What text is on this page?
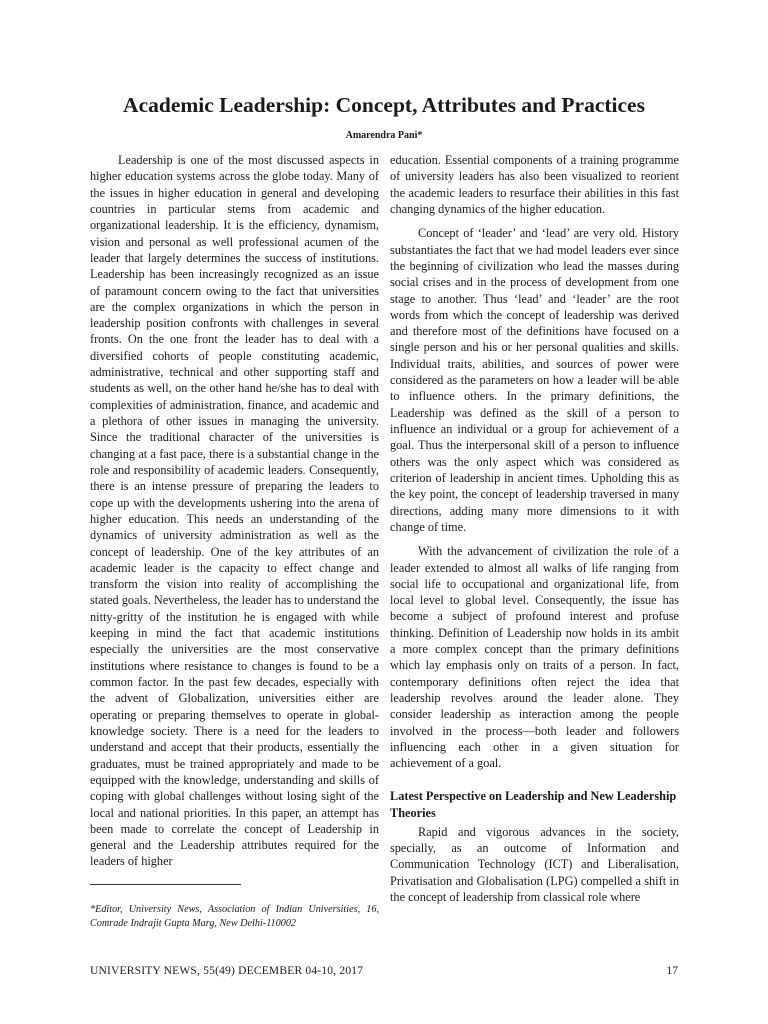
Academic Leadership: Concept, Attributes and Practices
Amarendra Pani*

Leadership is one of the most discussed aspects in higher education systems across the globe today. Many of the issues in higher education in general and developing countries in particular stems from academic and organizational leadership. It is the efficiency, dynamism, vision and personal as well professional acumen of the leader that largely determines the success of institutions. Leadership has been increasingly recognized as an issue of paramount concern owing to the fact that universities are the complex organizations in which the person in leadership position confronts with challenges in several fronts. On the one front the leader has to deal with a diversified cohorts of people constituting academic, administrative, technical and other supporting staff and students as well, on the other hand he/she has to deal with complexities of administration, finance, and academic and a plethora of other issues in managing the university. Since the traditional character of the universities is changing at a fast pace, there is a substantial change in the role and responsibility of academic leaders. Consequently, there is an intense pressure of preparing the leaders to cope up with the developments ushering into the arena of higher education. This needs an understanding of the dynamics of university administration as well as the concept of leadership. One of the key attributes of an academic leader is the capacity to effect change and transform the vision into reality of accomplishing the stated goals. Nevertheless, the leader has to understand the nitty-gritty of the institution he is engaged with while keeping in mind the fact that academic institutions especially the universities are the most conservative institutions where resistance to changes is found to be a common factor. In the past few decades, especially with the advent of Globalization, universities either are operating or preparing themselves to operate in global-knowledge society. There is a need for the leaders to understand and accept that their products, essentially the graduates, must be trained appropriately and made to be equipped with the knowledge, understanding and skills of coping with global challenges without losing sight of the local and national priorities. In this paper, an attempt has been made to correlate the concept of Leadership in general and the Leadership attributes required for the leaders of higher

education. Essential components of a training programme of university leaders has also been visualized to reorient the academic leaders to resurface their abilities in this fast changing dynamics of the higher education.

Concept of ‘leader’ and ‘lead’ are very old. History substantiates the fact that we had model leaders ever since the beginning of civilization who lead the masses during social crises and in the process of development from one stage to another. Thus ‘lead’ and ‘leader’ are the root words from which the concept of leadership was derived and therefore most of the definitions have focused on a single person and his or her personal qualities and skills. Individual traits, abilities, and sources of power were considered as the parameters on how a leader will be able to influence others. In the primary definitions, the Leadership was defined as the skill of a person to influence an individual or a group for achievement of a goal. Thus the interpersonal skill of a person to influence others was the only aspect which was considered as criterion of leadership in ancient times. Upholding this as the key point, the concept of leadership traversed in many directions, adding many more dimensions to it with change of time.

With the advancement of civilization the role of a leader extended to almost all walks of life ranging from social life to occupational and organizational life, from local level to global level. Consequently, the issue has become a subject of profound interest and profuse thinking. Definition of Leadership now holds in its ambit a more complex concept than the primary definitions which lay emphasis only on traits of a person. In fact, contemporary definitions often reject the idea that leadership revolves around the leader alone. They consider leadership as interaction among the people involved in the process—both leader and followers influencing each other in a given situation for achievement of a goal.

Latest Perspective on Leadership and New Leadership Theories

Rapid and vigorous advances in the society, specially, as an outcome of Information and Communication Technology (ICT) and Liberalisation, Privatisation and Globalisation (LPG) compelled a shift in the concept of leadership from classical role where

*Editor, University News, Association of Indian Universities, 16, Comrade Indrajit Gupta Marg, New Delhi-110002
UNIVERSITY NEWS, 55(49) DECEMBER 04-10, 2017	17
